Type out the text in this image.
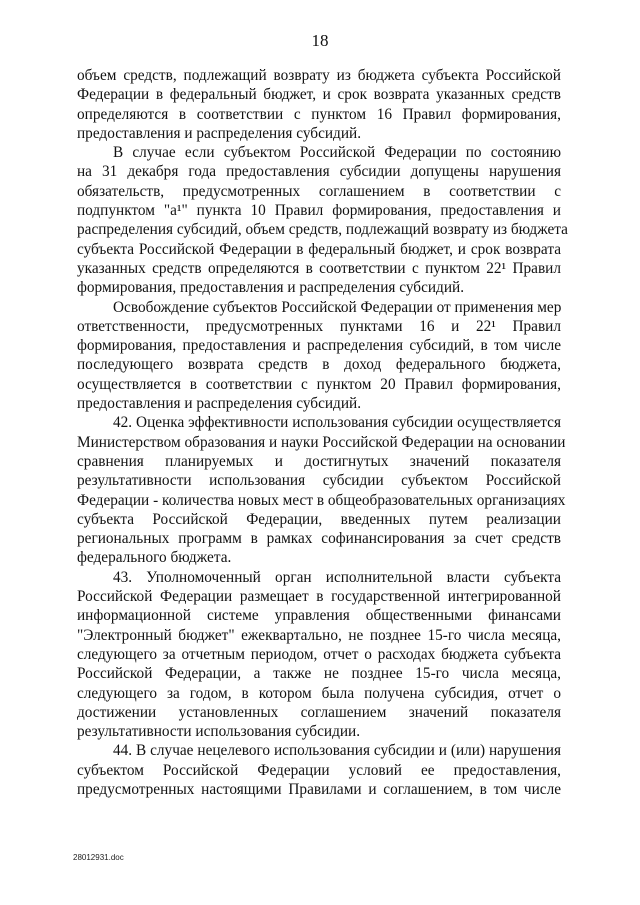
18
объем средств, подлежащий возврату из бюджета субъекта Российской
Федерации в федеральный бюджет, и срок возврата указанных средств
определяются в соответствии с пунктом 16 Правил формирования,
предоставления и распределения субсидий.
В случае если субъектом Российской Федерации по состоянию
на 31 декабря года предоставления субсидии допущены нарушения
обязательств, предусмотренных соглашением в соответствии с
подпунктом "а¹" пункта 10 Правил формирования, предоставления и
распределения субсидий, объем средств, подлежащий возврату из бюджета
субъекта Российской Федерации в федеральный бюджет, и срок возврата
указанных средств определяются в соответствии с пунктом 22¹ Правил
формирования, предоставления и распределения субсидий.
Освобождение субъектов Российской Федерации от применения мер
ответственности, предусмотренных пунктами 16 и 22¹ Правил
формирования, предоставления и распределения субсидий, в том числе
последующего возврата средств в доход федерального бюджета,
осуществляется в соответствии с пунктом 20 Правил формирования,
предоставления и распределения субсидий.
42. Оценка эффективности использования субсидии осуществляется
Министерством образования и науки Российской Федерации на основании
сравнения планируемых и достигнутых значений показателя
результативности использования субсидии субъектом Российской
Федерации - количества новых мест в общеобразовательных организациях
субъекта Российской Федерации, введенных путем реализации
региональных программ в рамках софинансирования за счет средств
федерального бюджета.
43. Уполномоченный орган исполнительной власти субъекта
Российской Федерации размещает в государственной интегрированной
информационной системе управления общественными финансами
"Электронный бюджет" ежеквартально, не позднее 15-го числа месяца,
следующего за отчетным периодом, отчет о расходах бюджета субъекта
Российской Федерации, а также не позднее 15-го числа месяца,
следующего за годом, в котором была получена субсидия, отчет о
достижении установленных соглашением значений показателя
результативности использования субсидии.
44. В случае нецелевого использования субсидии и (или) нарушения
субъектом Российской Федерации условий ее предоставления,
предусмотренных настоящими Правилами и соглашением, в том числе
28012931.doc
